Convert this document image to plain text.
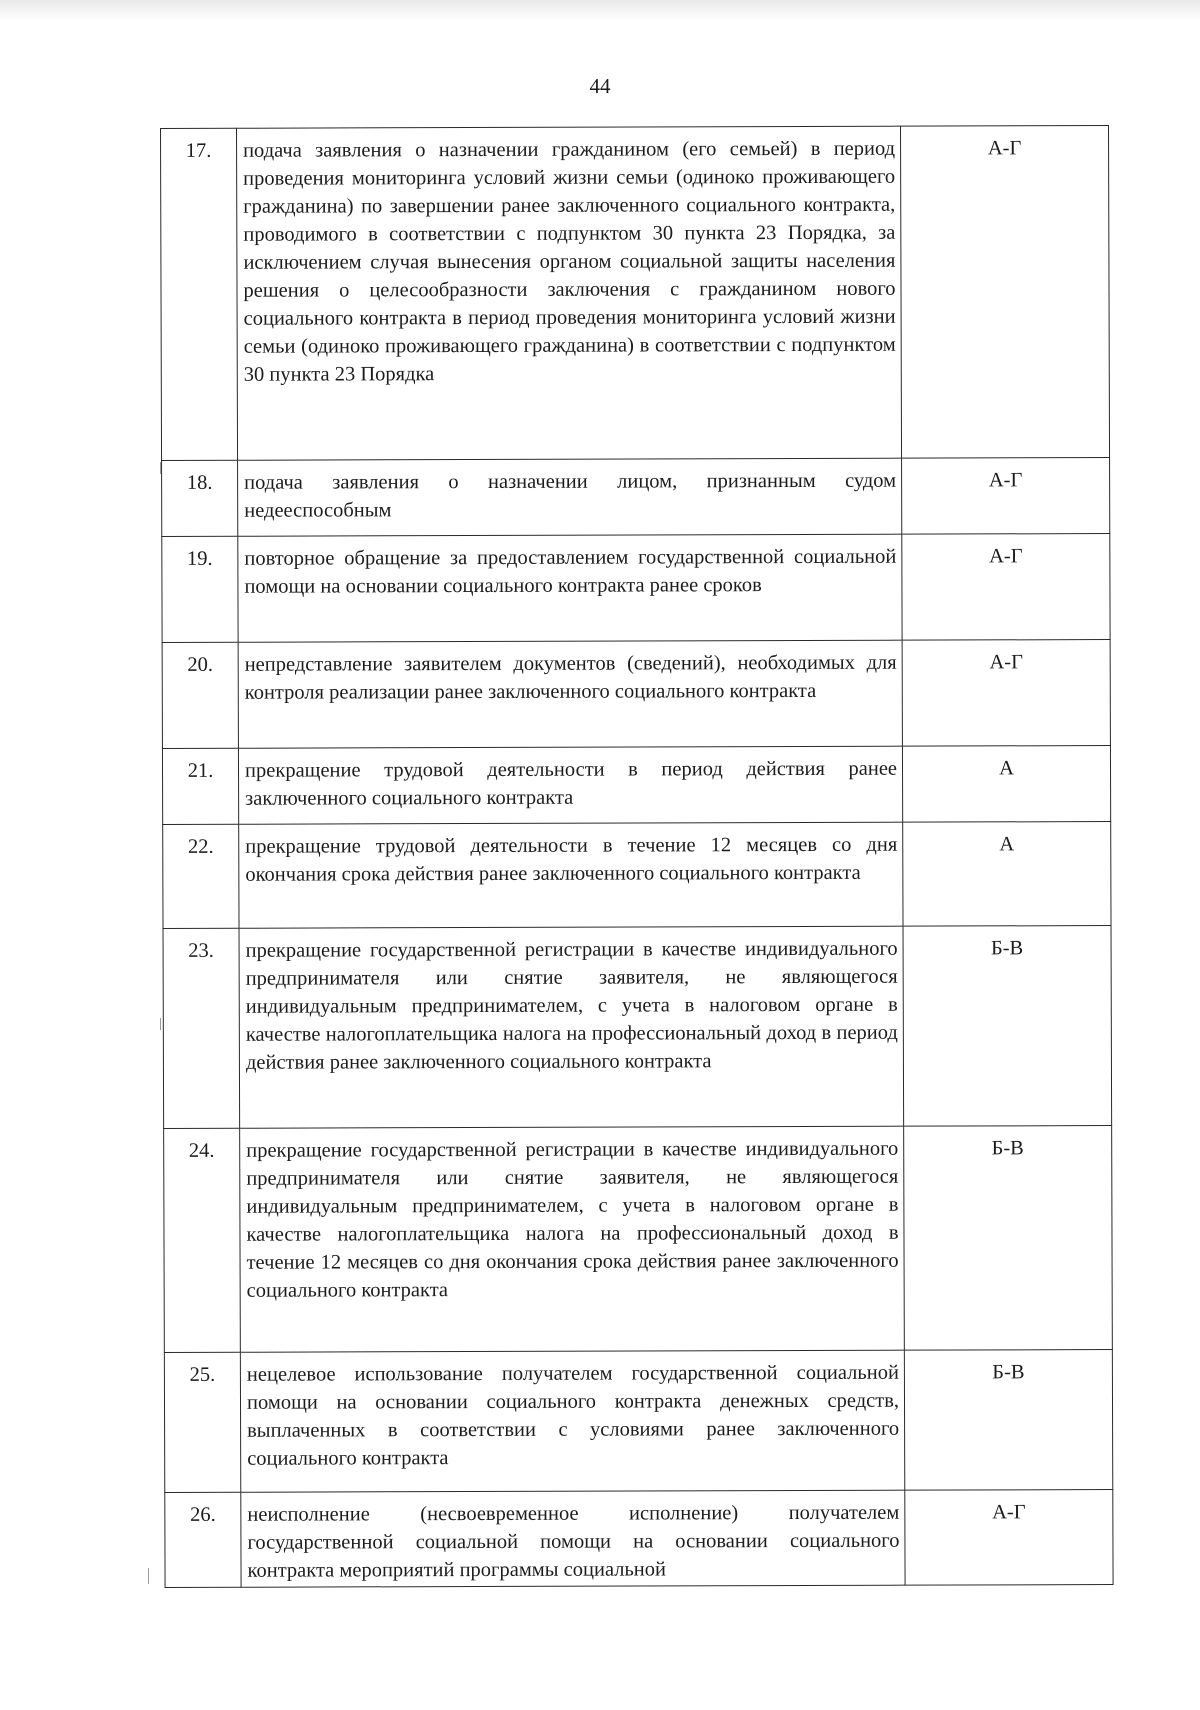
44
17.	подача заявления о назначении гражданином (его семьей) в период проведения мониторинга условий жизни семьи (одиноко проживающего гражданина) по завершении ранее заключенного социального контракта, проводимого в соответствии с подпунктом 30 пункта 23 Порядка, за исключением случая вынесения органом социальной защиты населения решения о целесообразности заключения с гражданином нового социального контракта в период проведения мониторинга условий жизни семьи (одиноко проживающего гражданина) в соответствии с подпунктом 30 пункта 23 Порядка	А-Г
18.	подача заявления о назначении лицом, признанным судом недееспособным	А-Г
19.	повторное обращение за предоставлением государственной социальной помощи на основании социального контракта ранее сроков	А-Г
20.	непредставление заявителем документов (сведений), необходимых для контроля реализации ранее заключенного социального контракта	А-Г
21.	прекращение трудовой деятельности в период действия ранее заключенного социального контракта	А
22.	прекращение трудовой деятельности в течение 12 месяцев со дня окончания срока действия ранее заключенного социального контракта	А
23.	прекращение государственной регистрации в качестве индивидуального предпринимателя или снятие заявителя, не являющегося индивидуальным предпринимателем, с учета в налоговом органе в качестве налогоплательщика налога на профессиональный доход в период действия ранее заключенного социального контракта	Б-В
24.	прекращение государственной регистрации в качестве индивидуального предпринимателя или снятие заявителя, не являющегося индивидуальным предпринимателем, с учета в налоговом органе в качестве налогоплательщика налога на профессиональный доход в течение 12 месяцев со дня окончания срока действия ранее заключенного социального контракта	Б-В
25.	нецелевое использование получателем государственной социальной помощи на основании социального контракта денежных средств, выплаченных в соответствии с условиями ранее заключенного социального контракта	Б-В
26.	неисполнение (несвоевременное исполнение) получателем государственной социальной помощи на основании социального контракта мероприятий программы социальной	А-Г
